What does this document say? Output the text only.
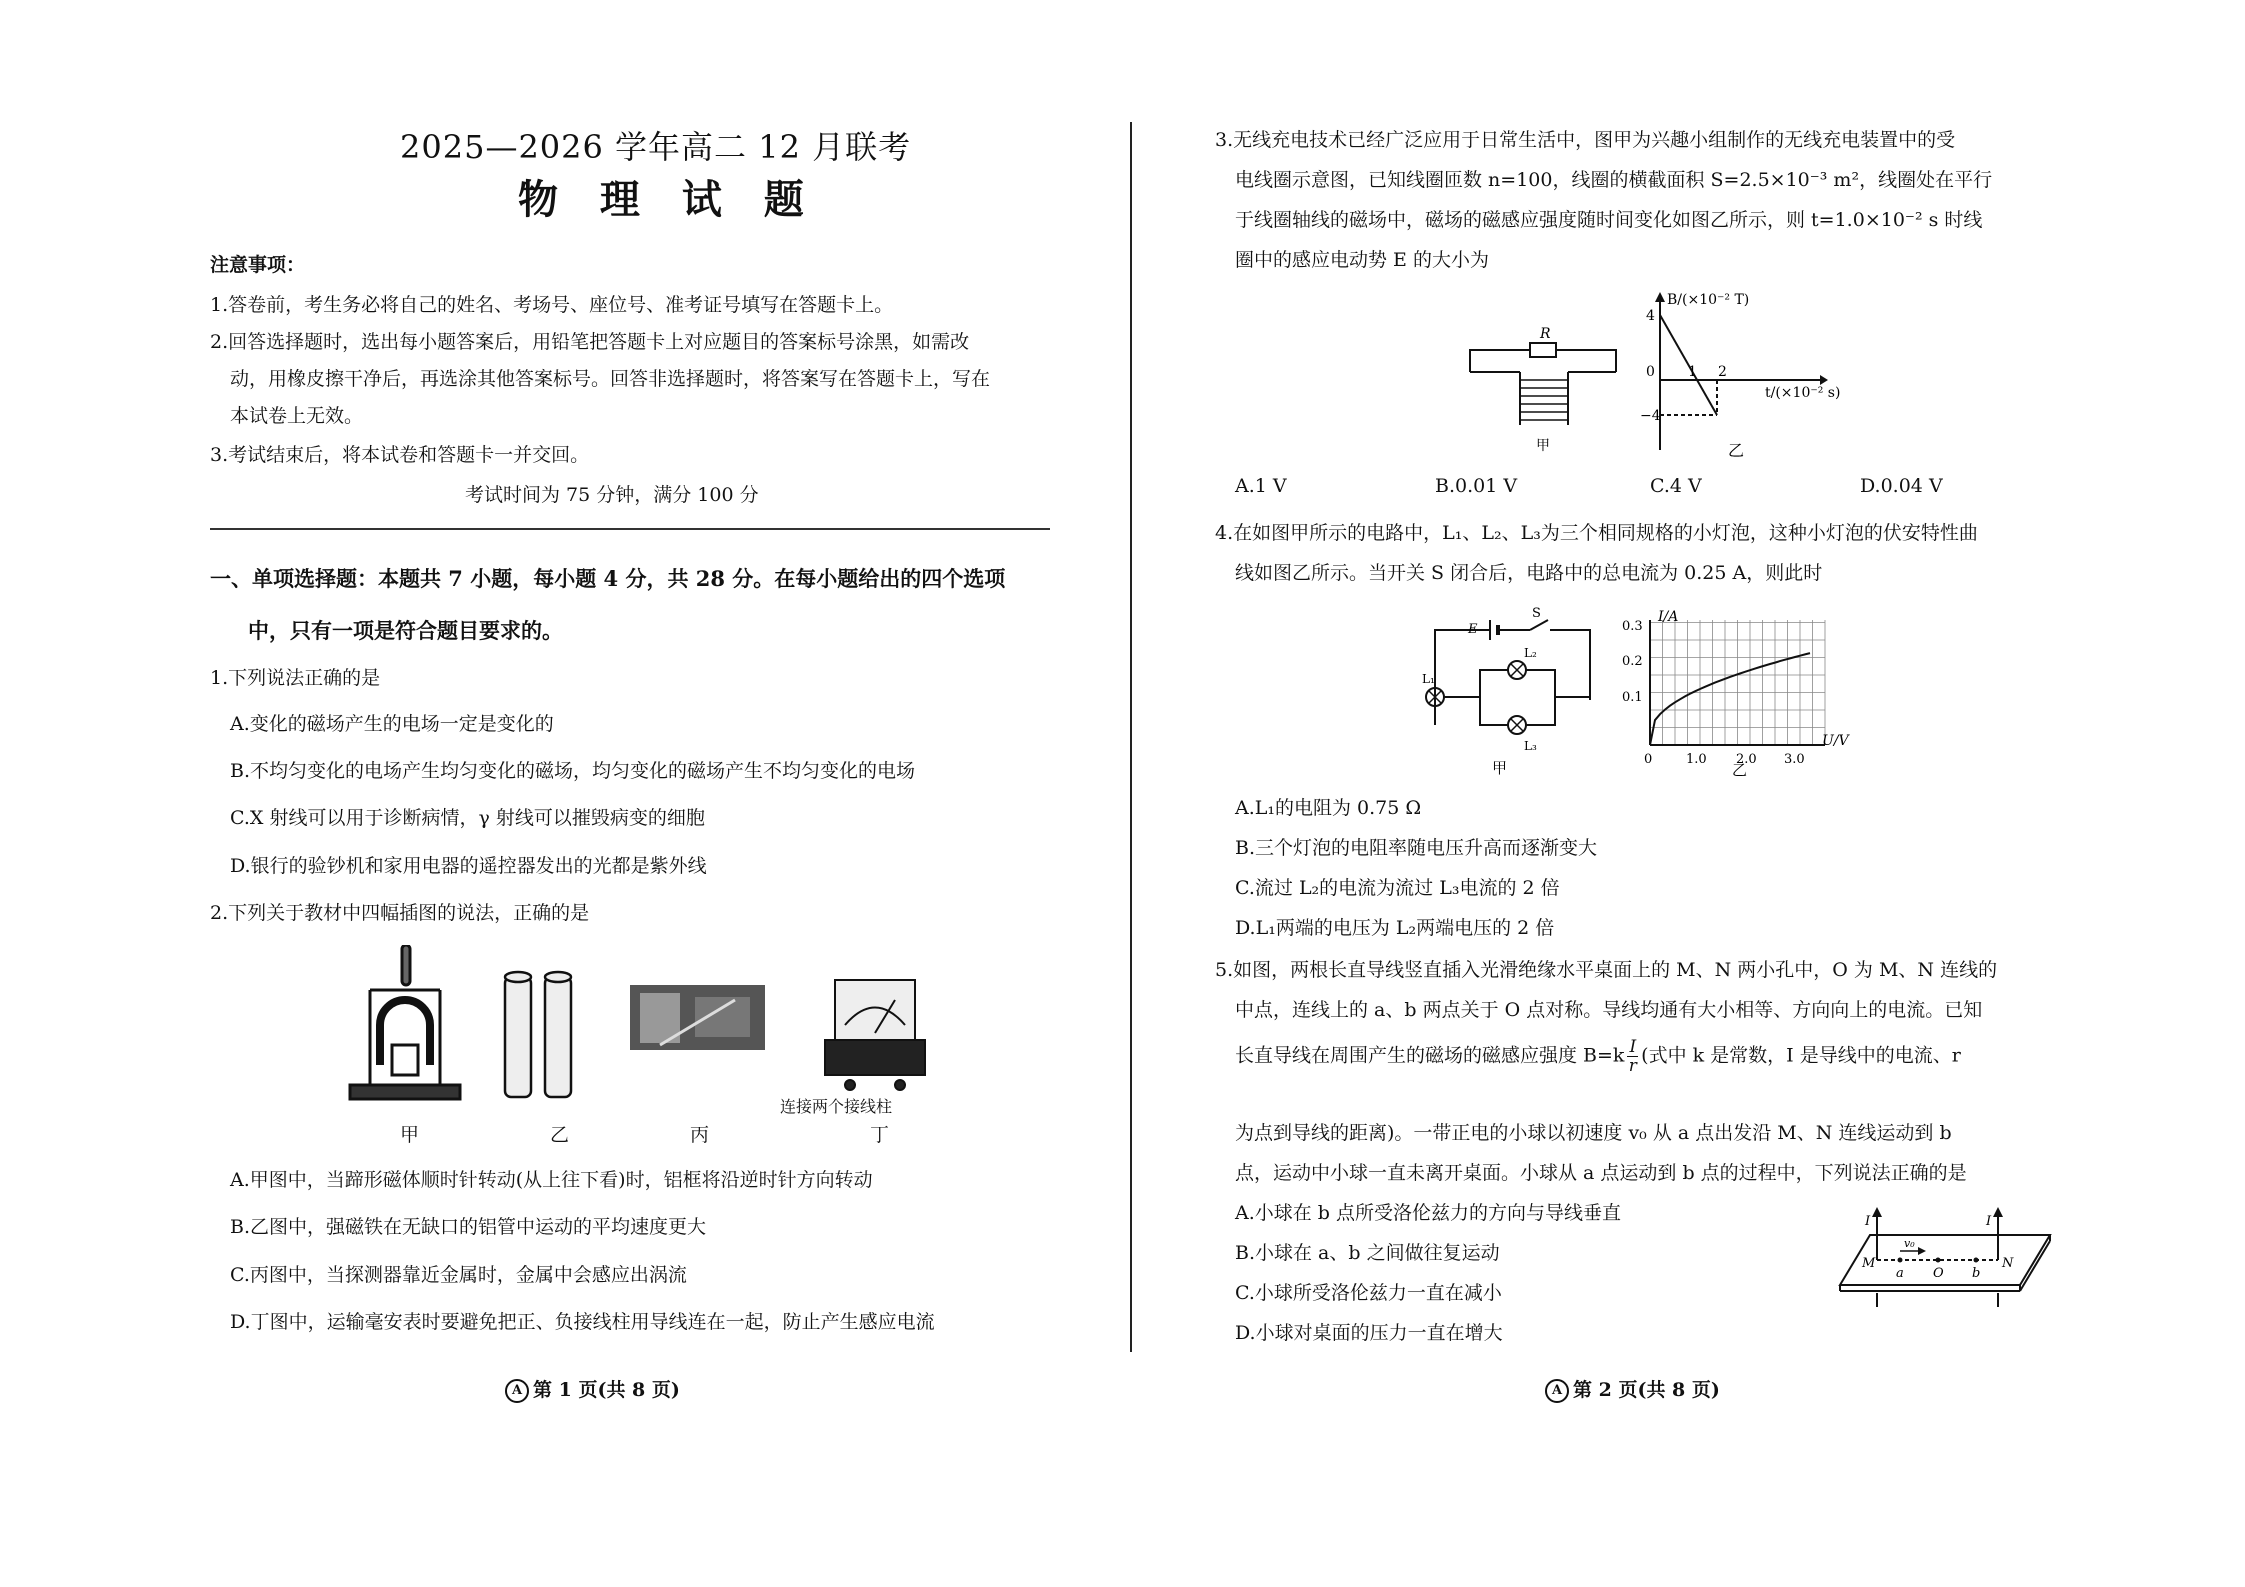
2025—2026 学年高二 12 月联考
物 理 试 题
注意事项：
1.答卷前，考生务必将自己的姓名、考场号、座位号、准考证号填写在答题卡上。
2.回答选择题时，选出每小题答案后，用铅笔把答题卡上对应题目的答案标号涂黑，如需改
动，用橡皮擦干净后，再选涂其他答案标号。回答非选择题时，将答案写在答题卡上，写在
本试卷上无效。
3.考试结束后，将本试卷和答题卡一并交回。
考试时间为 75 分钟，满分 100 分
一、单项选择题：本题共 7 小题，每小题 4 分，共 28 分。在每小题给出的四个选项
中，只有一项是符合题目要求的。
1.下列说法正确的是
A.变化的磁场产生的电场一定是变化的
B.不均匀变化的电场产生均匀变化的磁场，均匀变化的磁场产生不均匀变化的电场
C.X 射线可以用于诊断病情，γ 射线可以摧毁病变的细胞
D.银行的验钞机和家用电器的遥控器发出的光都是紫外线
2.下列关于教材中四幅插图的说法，正确的是
甲	乙	丙	丁
连接两个接线柱
A.甲图中，当蹄形磁体顺时针转动(从上往下看)时，铝框将沿逆时针方向转动
B.乙图中，强磁铁在无缺口的铝管中运动的平均速度更大
C.丙图中，当探测器靠近金属时，金属中会感应出涡流
D.丁图中，运输毫安表时要避免把正、负接线柱用导线连在一起，防止产生感应电流
A 第 1 页(共 8 页)
3.无线充电技术已经广泛应用于日常生活中，图甲为兴趣小组制作的无线充电装置中的受
电线圈示意图，已知线圈匝数 n=100，线圈的横截面积 S=2.5×10⁻³ m²，线圈处在平行
于线圈轴线的磁场中，磁场的磁感应强度随时间变化如图乙所示，则 t=1.0×10⁻² s 时线
圈中的感应电动势 E 的大小为
R
B/(×10⁻² T)
t/(×10⁻² s)
4
−4
0 1 2
甲	乙
A.1 V	B.0.01 V	C.4 V	D.0.04 V
4.在如图甲所示的电路中，L₁、L₂、L₃为三个相同规格的小灯泡，这种小灯泡的伏安特性曲
线如图乙所示。当开关 S 闭合后，电路中的总电流为 0.25 A，则此时
I/A
U/V
0.3
0.2
0.1
0	1.0 2.0 3.0
E
S
L₁
L₂
L₃
甲	乙
A.L₁的电阻为 0.75 Ω
B.三个灯泡的电阻率随电压升高而逐渐变大
C.流过 L₂的电流为流过 L₃电流的 2 倍
D.L₁两端的电压为 L₂两端电压的 2 倍
5.如图，两根长直导线竖直插入光滑绝缘水平桌面上的 M、N 两小孔中，O 为 M、N 连线的
中点，连线上的 a、b 两点关于 O 点对称。导线均通有大小相等、方向向上的电流。已知
长直导线在周围产生的磁场的磁感应强度 $B=k \frac{I}{r}$ (式中 k 是常数，I 是导线中的电流、r
为点到导线的距离)。一带正电的小球以初速度 v₀ 从 a 点出发沿 M、N 连线运动到 b
点，运动中小球一直未离开桌面。小球从 a 点运动到 b 点的过程中，下列说法正确的是
A.小球在 b 点所受洛伦兹力的方向与导线垂直
B.小球在 a、b 之间做往复运动
C.小球所受洛伦兹力一直在减小
D.小球对桌面的压力一直在增大
I	I
M	N
a O b
v₀
A 第 2 页(共 8 页)
